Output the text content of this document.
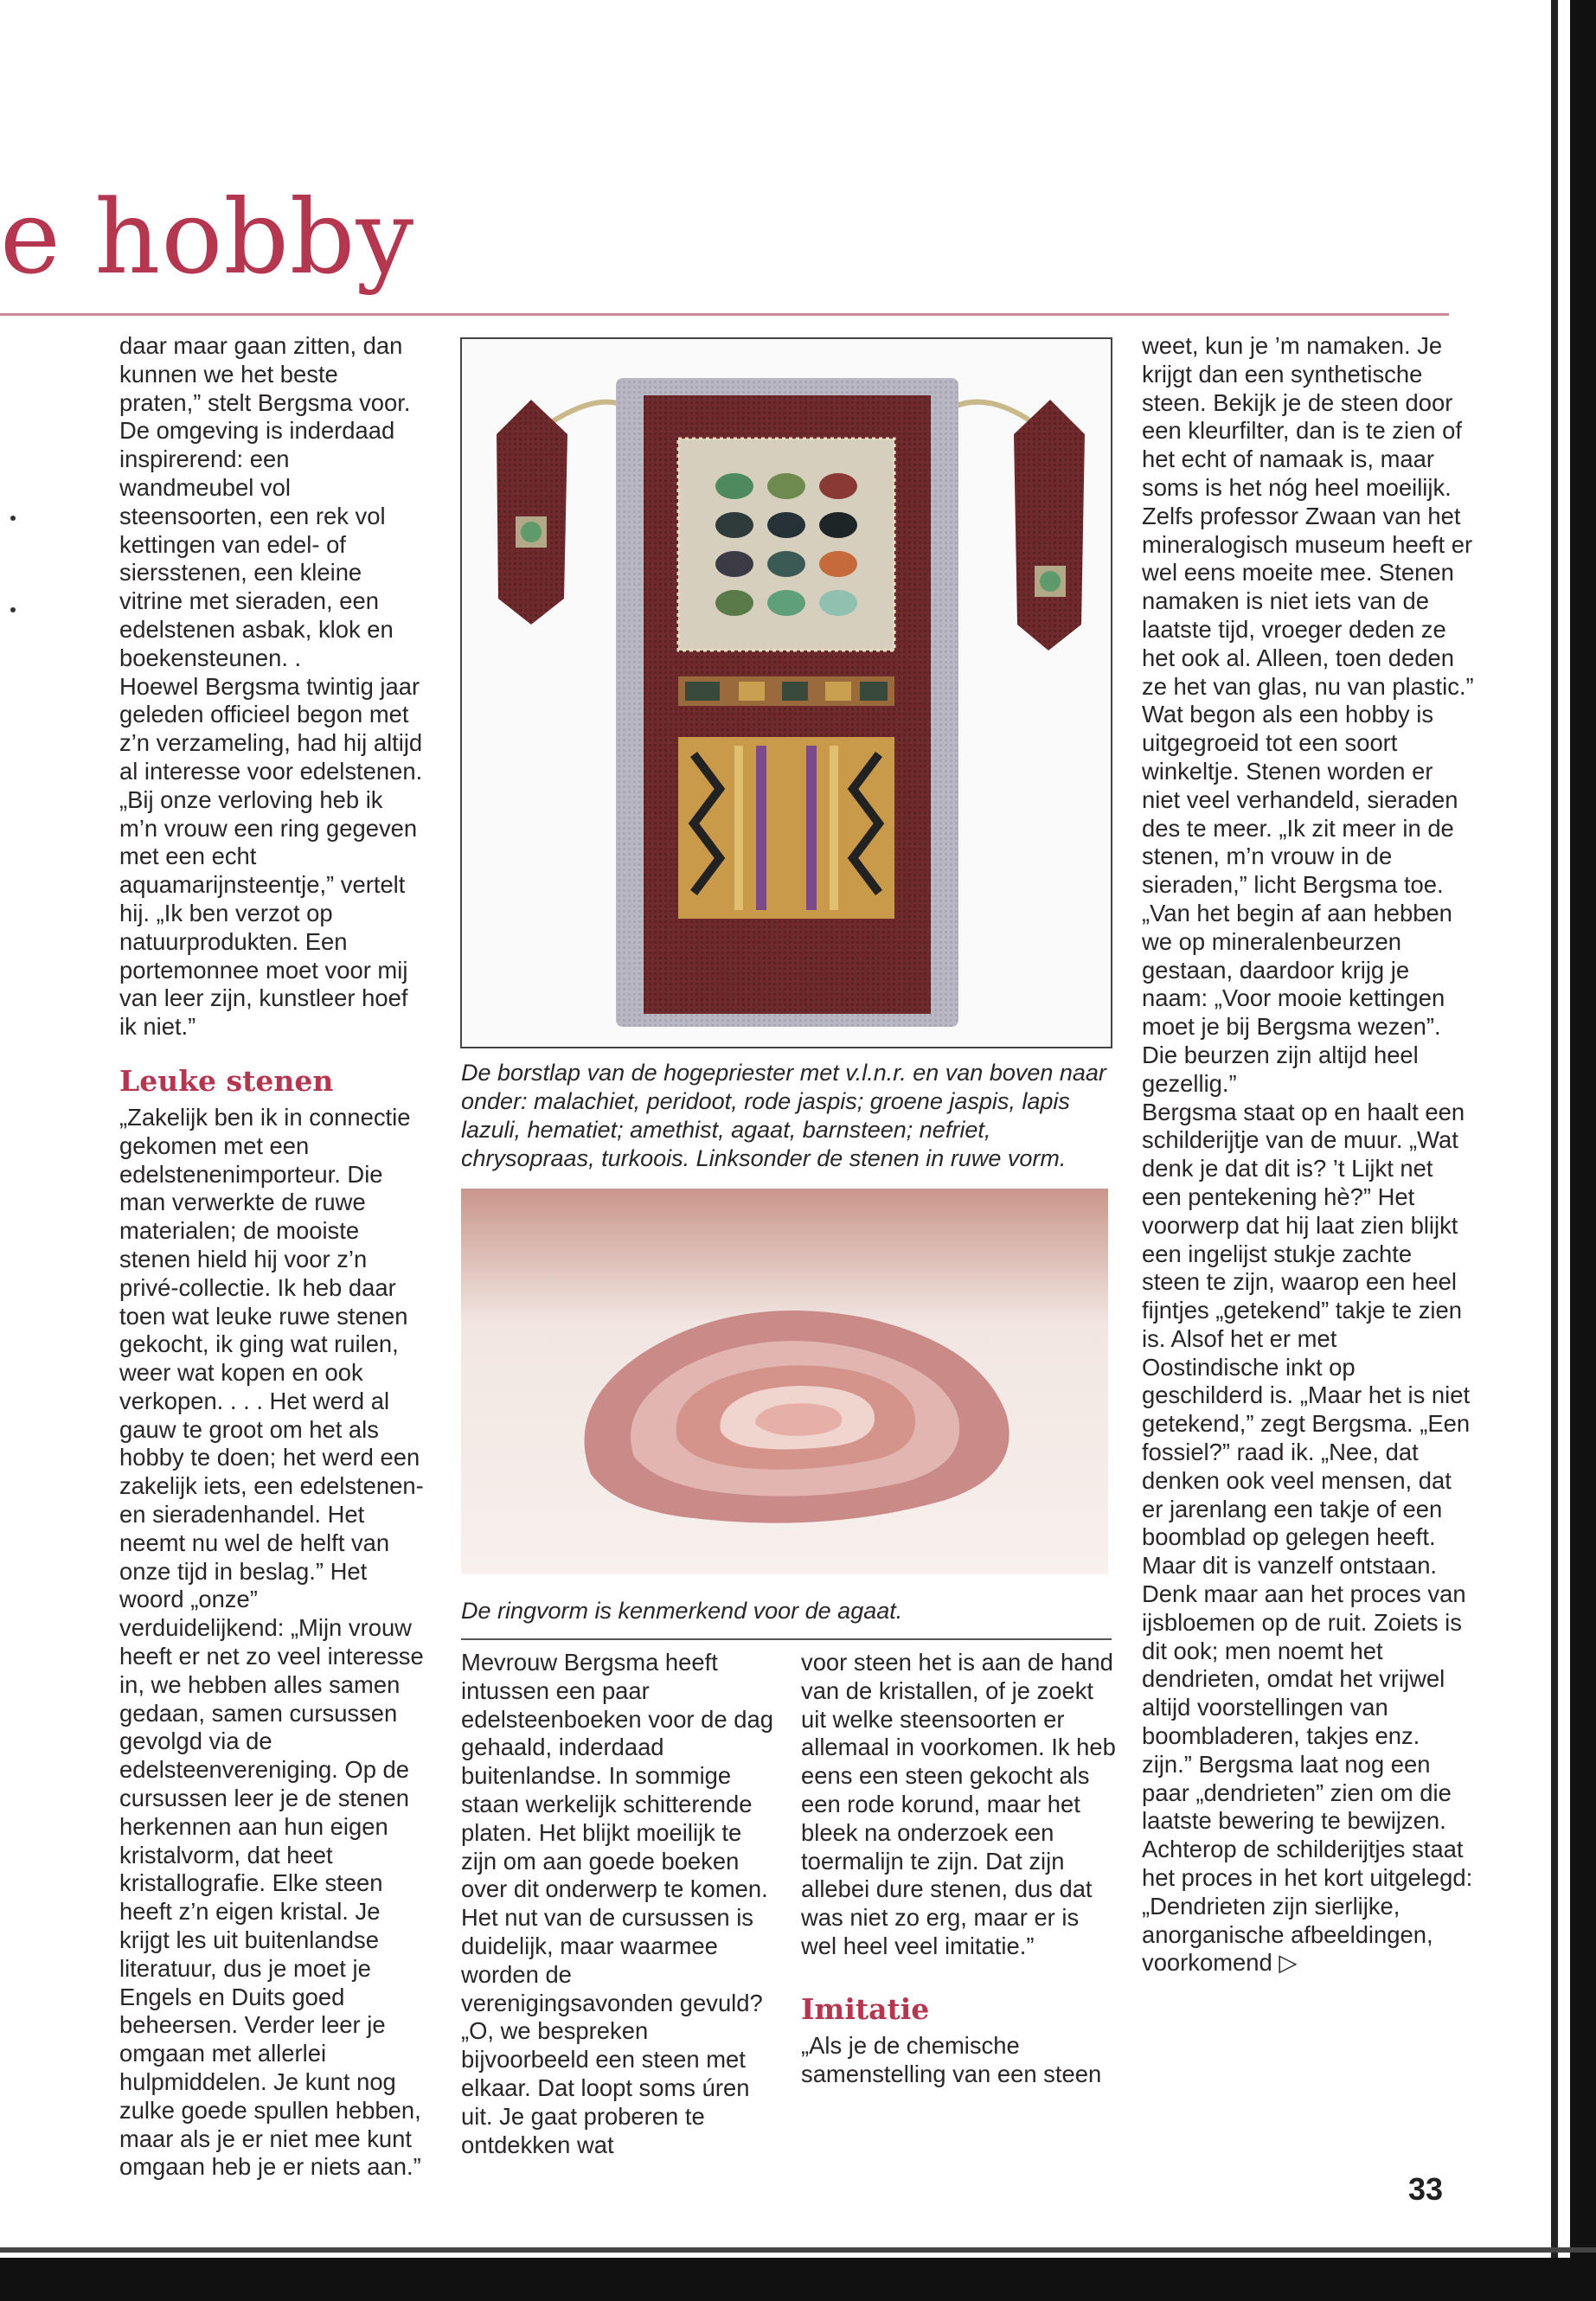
e hobby

daar maar gaan zitten, dan kunnen we het beste praten,” stelt Bergsma voor. De omgeving is inderdaad inspirerend: een wandmeubel vol steensoorten, een rek vol kettingen van edel- of siersstenen, een kleine vitrine met sieraden, een edelstenen asbak, klok en boekensteunen. .

Hoewel Bergsma twintig jaar geleden officieel begon met z’n verzameling, had hij altijd al interesse voor edelstenen. „Bij onze verloving heb ik m’n vrouw een ring gegeven met een echt aquamarijnsteentje,” vertelt hij. „Ik ben verzot op natuurprodukten. Een portemonnee moet voor mij van leer zijn, kunstleer hoef ik niet.”

Leuke stenen

„Zakelijk ben ik in connectie gekomen met een edelstenenimporteur. Die man verwerkte de ruwe materialen; de mooiste stenen hield hij voor z’n privé-collectie. Ik heb daar toen wat leuke ruwe stenen gekocht, ik ging wat ruilen, weer wat kopen en ook verkopen. . . . Het werd al gauw te groot om het als hobby te doen; het werd een zakelijk iets, een edelstenen- en sieradenhandel. Het neemt nu wel de helft van onze tijd in beslag.” Het woord „onze” verduidelijkend: „Mijn vrouw heeft er net zo veel interesse in, we hebben alles samen gedaan, samen cursussen gevolgd via de edelsteenvereniging. Op de cursussen leer je de stenen herkennen aan hun eigen kristalvorm, dat heet kristallografie. Elke steen heeft z’n eigen kristal. Je krijgt les uit buitenlandse literatuur, dus je moet je Engels en Duits goed beheersen. Verder leer je omgaan met allerlei hulpmiddelen. Je kunt nog zulke goede spullen hebben, maar als je er niet mee kunt omgaan heb je er niets aan.”

De borstlap van de hogepriester met v.l.n.r. en van boven naar onder: malachiet, peridoot, rode jaspis; groene jaspis, lapis lazuli, hematiet; amethist, agaat, barnsteen; nefriet, chrysopraas, turkoois. Linksonder de stenen in ruwe vorm.
De ringvorm is kenmerkend voor de agaat.

Mevrouw Bergsma heeft intussen een paar edelsteenboeken voor de dag gehaald, inderdaad buitenlandse. In sommige staan werkelijk schitterende platen. Het blijkt moeilijk te zijn om aan goede boeken over dit onderwerp te komen.

Het nut van de cursussen is duidelijk, maar waarmee worden de verenigingsavonden gevuld? „O, we bespreken bijvoorbeeld een steen met elkaar. Dat loopt soms úren uit. Je gaat proberen te ontdekken wat

voor steen het is aan de hand van de kristallen, of je zoekt uit welke steensoorten er allemaal in voorkomen. Ik heb eens een steen gekocht als een rode korund, maar het bleek na onderzoek een toermalijn te zijn. Dat zijn allebei dure stenen, dus dat was niet zo erg, maar er is wel heel veel imitatie.”

Imitatie

„Als je de chemische samenstelling van een steen

weet, kun je ’m namaken. Je krijgt dan een synthetische steen. Bekijk je de steen door een kleurfilter, dan is te zien of het echt of namaak is, maar soms is het nóg heel moeilijk. Zelfs professor Zwaan van het mineralogisch museum heeft er wel eens moeite mee. Stenen namaken is niet iets van de laatste tijd, vroeger deden ze het ook al. Alleen, toen deden ze het van glas, nu van plastic.”

Wat begon als een hobby is uitgegroeid tot een soort winkeltje. Stenen worden er niet veel verhandeld, sieraden des te meer. „Ik zit meer in de stenen, m’n vrouw in de sieraden,” licht Bergsma toe. „Van het begin af aan hebben we op mineralenbeurzen gestaan, daardoor krijg je naam: „Voor mooie kettingen moet je bij Bergsma wezen”. Die beurzen zijn altijd heel gezellig.”

Bergsma staat op en haalt een schilderijtje van de muur. „Wat denk je dat dit is? ’t Lijkt net een pentekening hè?” Het voorwerp dat hij laat zien blijkt een ingelijst stukje zachte steen te zijn, waarop een heel fijntjes „getekend” takje te zien is. Alsof het er met Oostindische inkt op geschilderd is. „Maar het is niet getekend,” zegt Bergsma. „Een fossiel?” raad ik. „Nee, dat denken ook veel mensen, dat er jarenlang een takje of een boomblad op gelegen heeft. Maar dit is vanzelf ontstaan. Denk maar aan het proces van ijsbloemen op de ruit. Zoiets is dit ook; men noemt het dendrieten, omdat het vrijwel altijd voorstellingen van boombladeren, takjes enz. zijn.” Bergsma laat nog een paar „dendrieten” zien om die laatste bewering te bewijzen. Achterop de schilderijtjes staat het proces in het kort uitgelegd: „Dendrieten zijn sierlijke, anorganische afbeeldingen, voorkomend ▷

33
